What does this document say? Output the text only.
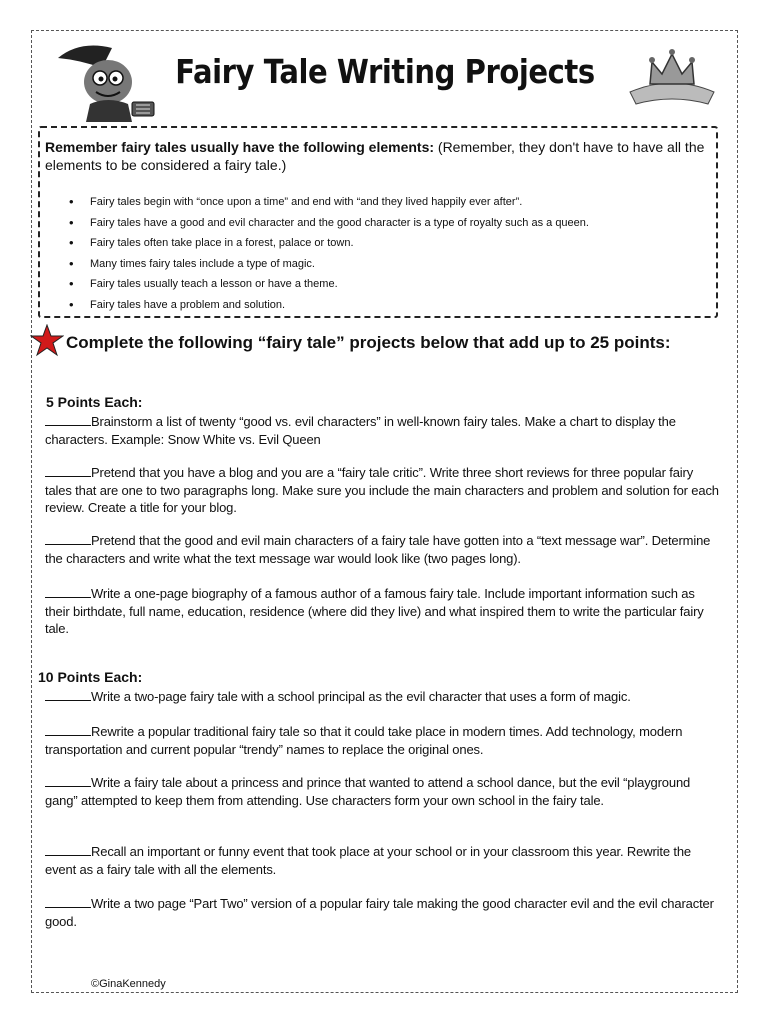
Fairy Tale Writing Projects
Remember fairy tales usually have the following elements: (Remember, they don't have to have all the elements to be considered a fairy tale.)
• Fairy tales begin with “once upon a time” and end with “and they lived happily ever after”.
• Fairy tales have a good and evil character and the good character is a type of royalty such as a queen.
• Fairy tales often take place in a forest, palace or town.
• Many times fairy tales include a type of magic.
• Fairy tales usually teach a lesson or have a theme.
• Fairy tales have a problem and solution.
Complete the following “fairy tale” projects below that add up to 25 points:
5 Points Each:
Brainstorm a list of twenty “good vs. evil characters” in well-known fairy tales. Make a chart to display the characters. Example: Snow White vs. Evil Queen
Pretend that you have a blog and you are a “fairy tale critic”. Write three short reviews for three popular fairy tales that are one to two paragraphs long. Make sure you include the main characters and problem and solution for each review. Create a title for your blog.
Pretend that the good and evil main characters of a fairy tale have gotten into a “text message war”. Determine the characters and write what the text message war would look like (two pages long).
Write a one-page biography of a famous author of a famous fairy tale. Include important information such as their birthdate, full name, education, residence (where did they live) and what inspired them to write the particular fairy tale.
10 Points Each:
Write a two-page fairy tale with a school principal as the evil character that uses a form of magic.
Rewrite a popular traditional fairy tale so that it could take place in modern times. Add technology, modern transportation and current popular “trendy” names to replace the original ones.
Write a fairy tale about a princess and prince that wanted to attend a school dance, but the evil “playground gang” attempted to keep them from attending. Use characters form your own school in the fairy tale.
Recall an important or funny event that took place at your school or in your classroom this year. Rewrite the event as a fairy tale with all the elements.
Write a two page “Part Two” version of a popular fairy tale making the good character evil and the evil character good.
©GinaKennedy
